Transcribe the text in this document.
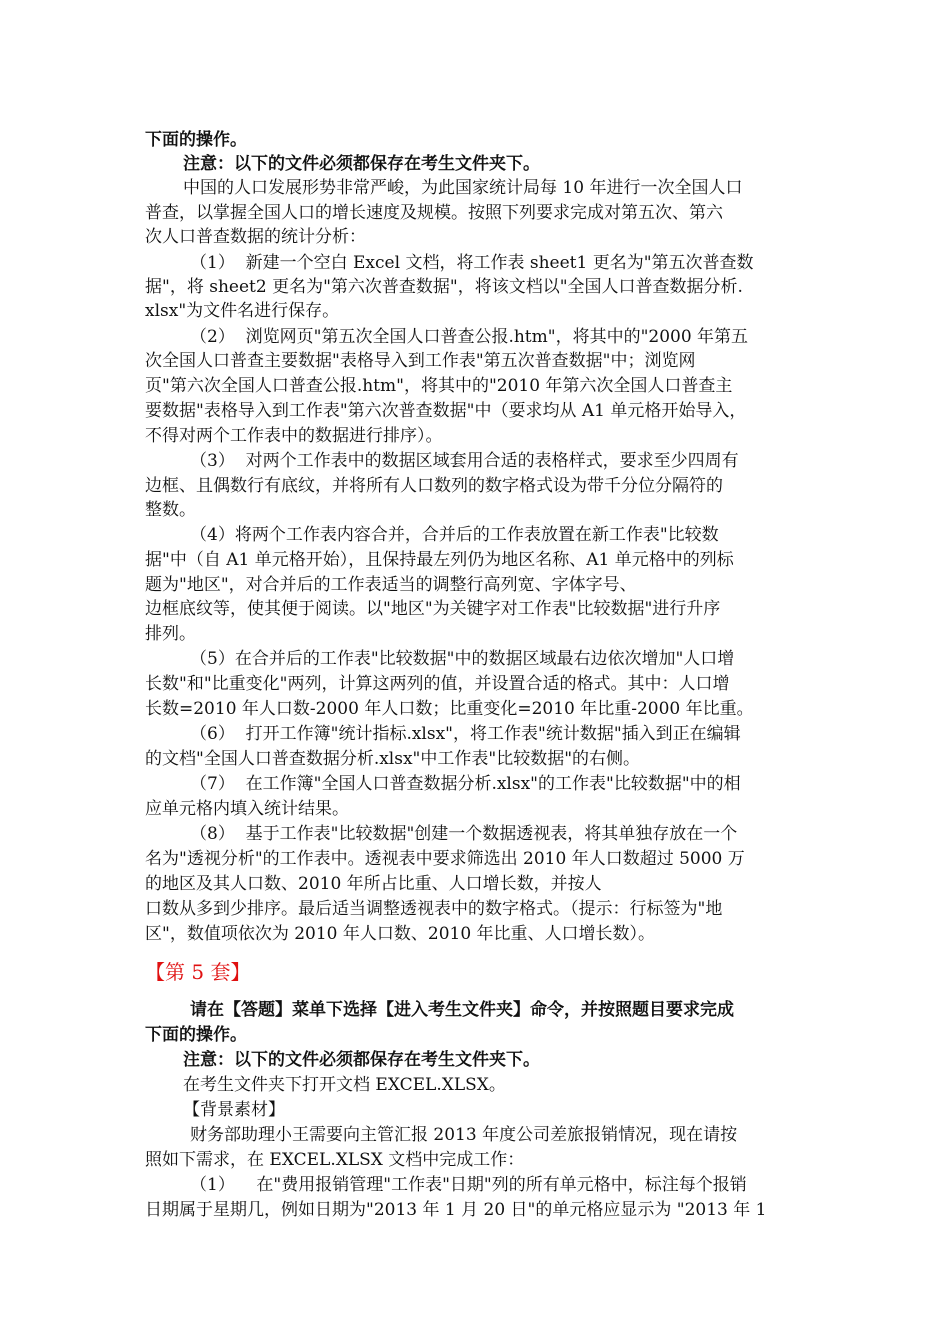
下面的操作。
注意：以下的文件必须都保存在考生文件夹下。
中国的人口发展形势非常严峻，为此国家统计局每 10 年进行一次全国人口
普查，以掌握全国人口的增长速度及规模。按照下列要求完成对第五次、第六
次人口普查数据的统计分析：
（1）  新建一个空白 Excel 文档，将工作表 sheet1 更名为"第五次普查数
据"，将 sheet2 更名为"第六次普查数据"，将该文档以"全国人口普查数据分析.
xlsx"为文件名进行保存。
（2）  浏览网页"第五次全国人口普查公报.htm"，将其中的"2000 年第五
次全国人口普查主要数据"表格导入到工作表"第五次普查数据"中；浏览网
页"第六次全国人口普查公报.htm"，将其中的"2010 年第六次全国人口普查主
要数据"表格导入到工作表"第六次普查数据"中（要求均从 A1 单元格开始导入，
不得对两个工作表中的数据进行排序）。
（3）  对两个工作表中的数据区域套用合适的表格样式，要求至少四周有
边框、且偶数行有底纹，并将所有人口数列的数字格式设为带千分位分隔符的
整数。
（4）将两个工作表内容合并，合并后的工作表放置在新工作表"比较数
据"中（自 A1 单元格开始），且保持最左列仍为地区名称、A1 单元格中的列标
题为"地区"，对合并后的工作表适当的调整行高列宽、字体字号、
边框底纹等，使其便于阅读。以"地区"为关键字对工作表"比较数据"进行升序
排列。
（5）在合并后的工作表"比较数据"中的数据区域最右边依次增加"人口增
长数"和"比重变化"两列，计算这两列的值，并设置合适的格式。其中：人口增
长数=2010 年人口数-2000 年人口数；比重变化=2010 年比重-2000 年比重。
（6）  打开工作簿"统计指标.xlsx"，将工作表"统计数据"插入到正在编辑
的文档"全国人口普查数据分析.xlsx"中工作表"比较数据"的右侧。
（7）  在工作簿"全国人口普查数据分析.xlsx"的工作表"比较数据"中的相
应单元格内填入统计结果。
（8）  基于工作表"比较数据"创建一个数据透视表，将其单独存放在一个
名为"透视分析"的工作表中。透视表中要求筛选出 2010 年人口数超过 5000 万
的地区及其人口数、2010 年所占比重、人口增长数，并按人
口数从多到少排序。最后适当调整透视表中的数字格式。（提示：行标签为"地
区"，数值项依次为 2010 年人口数、2010 年比重、人口增长数）。
【第 5 套】
请在【答题】菜单下选择【进入考生文件夹】命令，并按照题目要求完成
下面的操作。
注意：以下的文件必须都保存在考生文件夹下。
在考生文件夹下打开文档 EXCEL.XLSX。
【背景素材】
财务部助理小王需要向主管汇报 2013 年度公司差旅报销情况，现在请按
照如下需求，在 EXCEL.XLSX 文档中完成工作：
（1）    在"费用报销管理"工作表"日期"列的所有单元格中，标注每个报销
日期属于星期几，例如日期为"2013 年 1 月 20 日"的单元格应显示为 "2013 年 1
